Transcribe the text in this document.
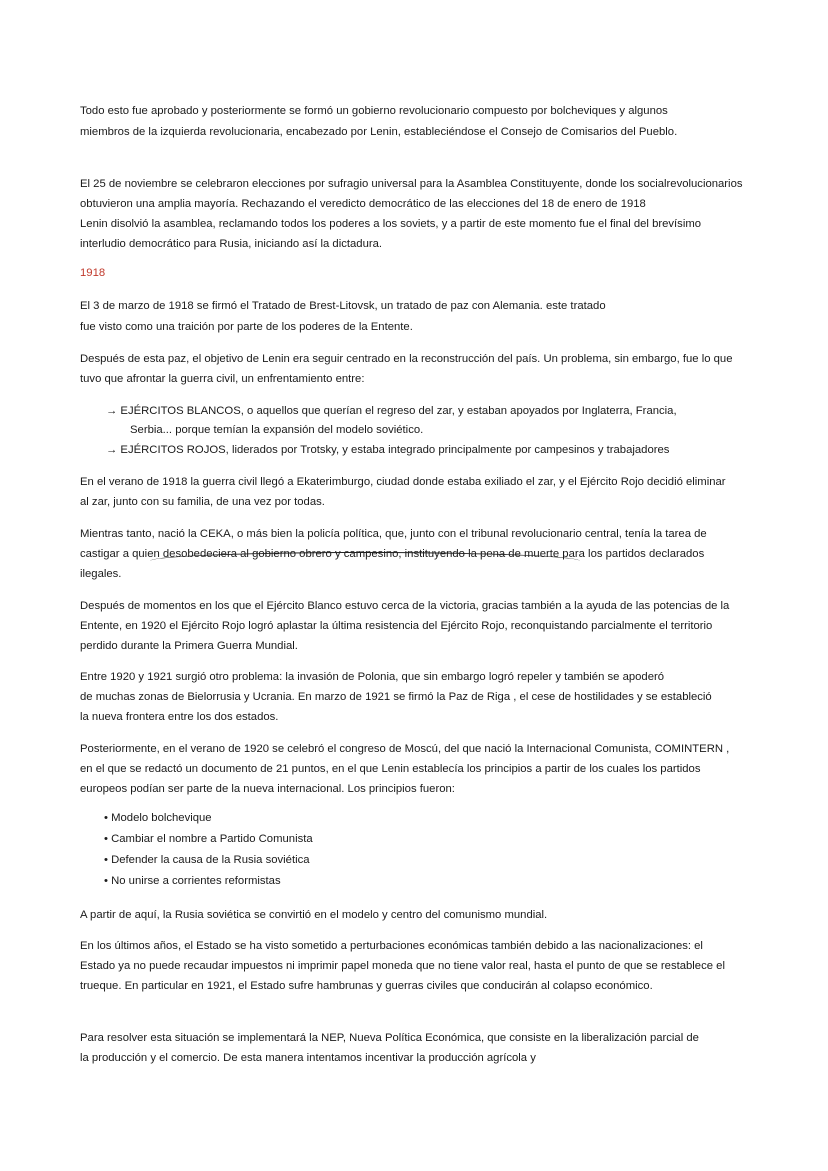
Todo esto fue aprobado y posteriormente se formó un gobierno revolucionario compuesto por bolcheviques y algunos
miembros de la izquierda revolucionaria, encabezado por Lenin, estableciéndose el Consejo de Comisarios del Pueblo.
El 25 de noviembre se celebraron elecciones por sufragio universal para la Asamblea Constituyente, donde los socialrevolucionarios
obtuvieron una amplia mayoría. Rechazando el veredicto democrático de las elecciones del 18 de enero de 1918
Lenin disolvió la asamblea, reclamando todos los poderes a los soviets, y a partir de este momento fue el final del brevísimo
interludio democrático para Rusia, iniciando así la dictadura.
1918
El 3 de marzo de 1918 se firmó el Tratado de Brest-Litovsk, un tratado de paz con Alemania. este tratado
fue visto como una traición por parte de los poderes de la Entente.
Después de esta paz, el objetivo de Lenin era seguir centrado en la reconstrucción del país. Un problema, sin embargo, fue lo que
tuvo que afrontar la guerra civil, un enfrentamiento entre:
→ EJÉRCITOS BLANCOS, o aquellos que querían el regreso del zar, y estaban apoyados por Inglaterra, Francia,
Serbia... porque temían la expansión del modelo soviético.
→ EJÉRCITOS ROJOS, liderados por Trotsky, y estaba integrado principalmente por campesinos y trabajadores
En el verano de 1918 la guerra civil llegó a Ekaterimburgo, ciudad donde estaba exiliado el zar, y el Ejército Rojo decidió eliminar
al zar, junto con su familia, de una vez por todas.
Mientras tanto, nació la CEKA, o más bien la policía política, que, junto con el tribunal revolucionario central, tenía la tarea de
castigar a quien desobedeciera al gobierno obrero y campesino, instituyendo la pena de muerte para los partidos declarados
ilegales.
Después de momentos en los que el Ejército Blanco estuvo cerca de la victoria, gracias también a la ayuda de las potencias de la
Entente, en 1920 el Ejército Rojo logró aplastar la última resistencia del Ejército Rojo, reconquistando parcialmente el territorio
perdido durante la Primera Guerra Mundial.
Entre 1920 y 1921 surgió otro problema: la invasión de Polonia, que sin embargo logró repeler y también se apoderó
de muchas zonas de Bielorrusia y Ucrania. En marzo de 1921 se firmó la Paz de Riga , el cese de hostilidades y se estableció
la nueva frontera entre los dos estados.
Posteriormente, en el verano de 1920 se celebró el congreso de Moscú, del que nació la Internacional Comunista, COMINTERN ,
en el que se redactó un documento de 21 puntos, en el que Lenin establecía los principios a partir de los cuales los partidos
europeos podían ser parte de la nueva internacional. Los principios fueron:
• Modelo bolchevique
• Cambiar el nombre a Partido Comunista
• Defender la causa de la Rusia soviética
• No unirse a corrientes reformistas
A partir de aquí, la Rusia soviética se convirtió en el modelo y centro del comunismo mundial.
En los últimos años, el Estado se ha visto sometido a perturbaciones económicas también debido a las nacionalizaciones: el
Estado ya no puede recaudar impuestos ni imprimir papel moneda que no tiene valor real, hasta el punto de que se restablece el
trueque. En particular en 1921, el Estado sufre hambrunas y guerras civiles que conducirán al colapso económico.
Para resolver esta situación se implementará la NEP, Nueva Política Económica, que consiste en la liberalización parcial de
la producción y el comercio. De esta manera intentamos incentivar la producción agrícola y
